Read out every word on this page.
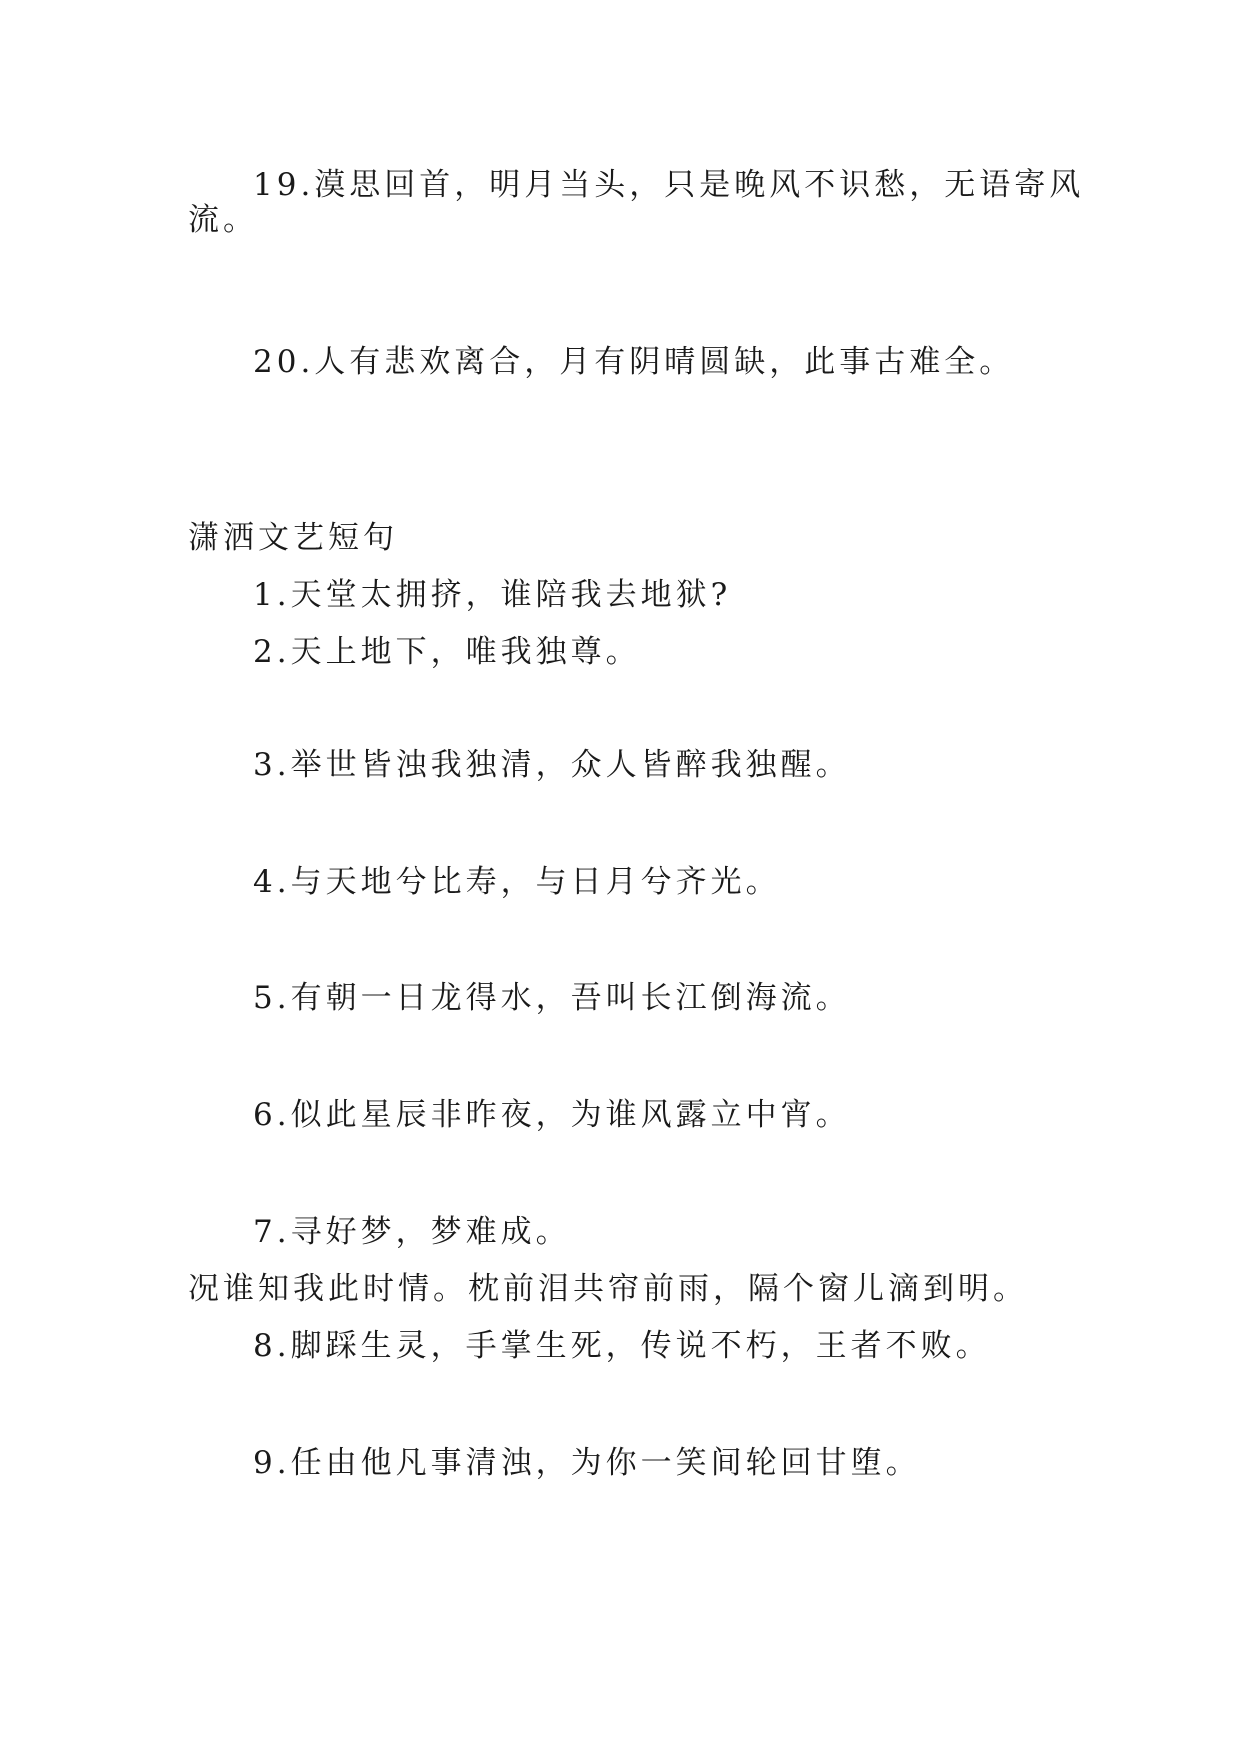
19.漠思回首，明月当头，只是晚风不识愁，无语寄风
流。
20.人有悲欢离合，月有阴晴圆缺，此事古难全。
潇洒文艺短句
1.天堂太拥挤，谁陪我去地狱?
2.天上地下，唯我独尊。
3.举世皆浊我独清，众人皆醉我独醒。
4.与天地兮比寿，与日月兮齐光。
5.有朝一日龙得水，吾叫长江倒海流。
6.似此星辰非昨夜，为谁风露立中宵。
7.寻好梦，梦难成。
况谁知我此时情。枕前泪共帘前雨，隔个窗儿滴到明。
8.脚踩生灵，手掌生死，传说不朽，王者不败。
9.任由他凡事清浊，为你一笑间轮回甘堕。
